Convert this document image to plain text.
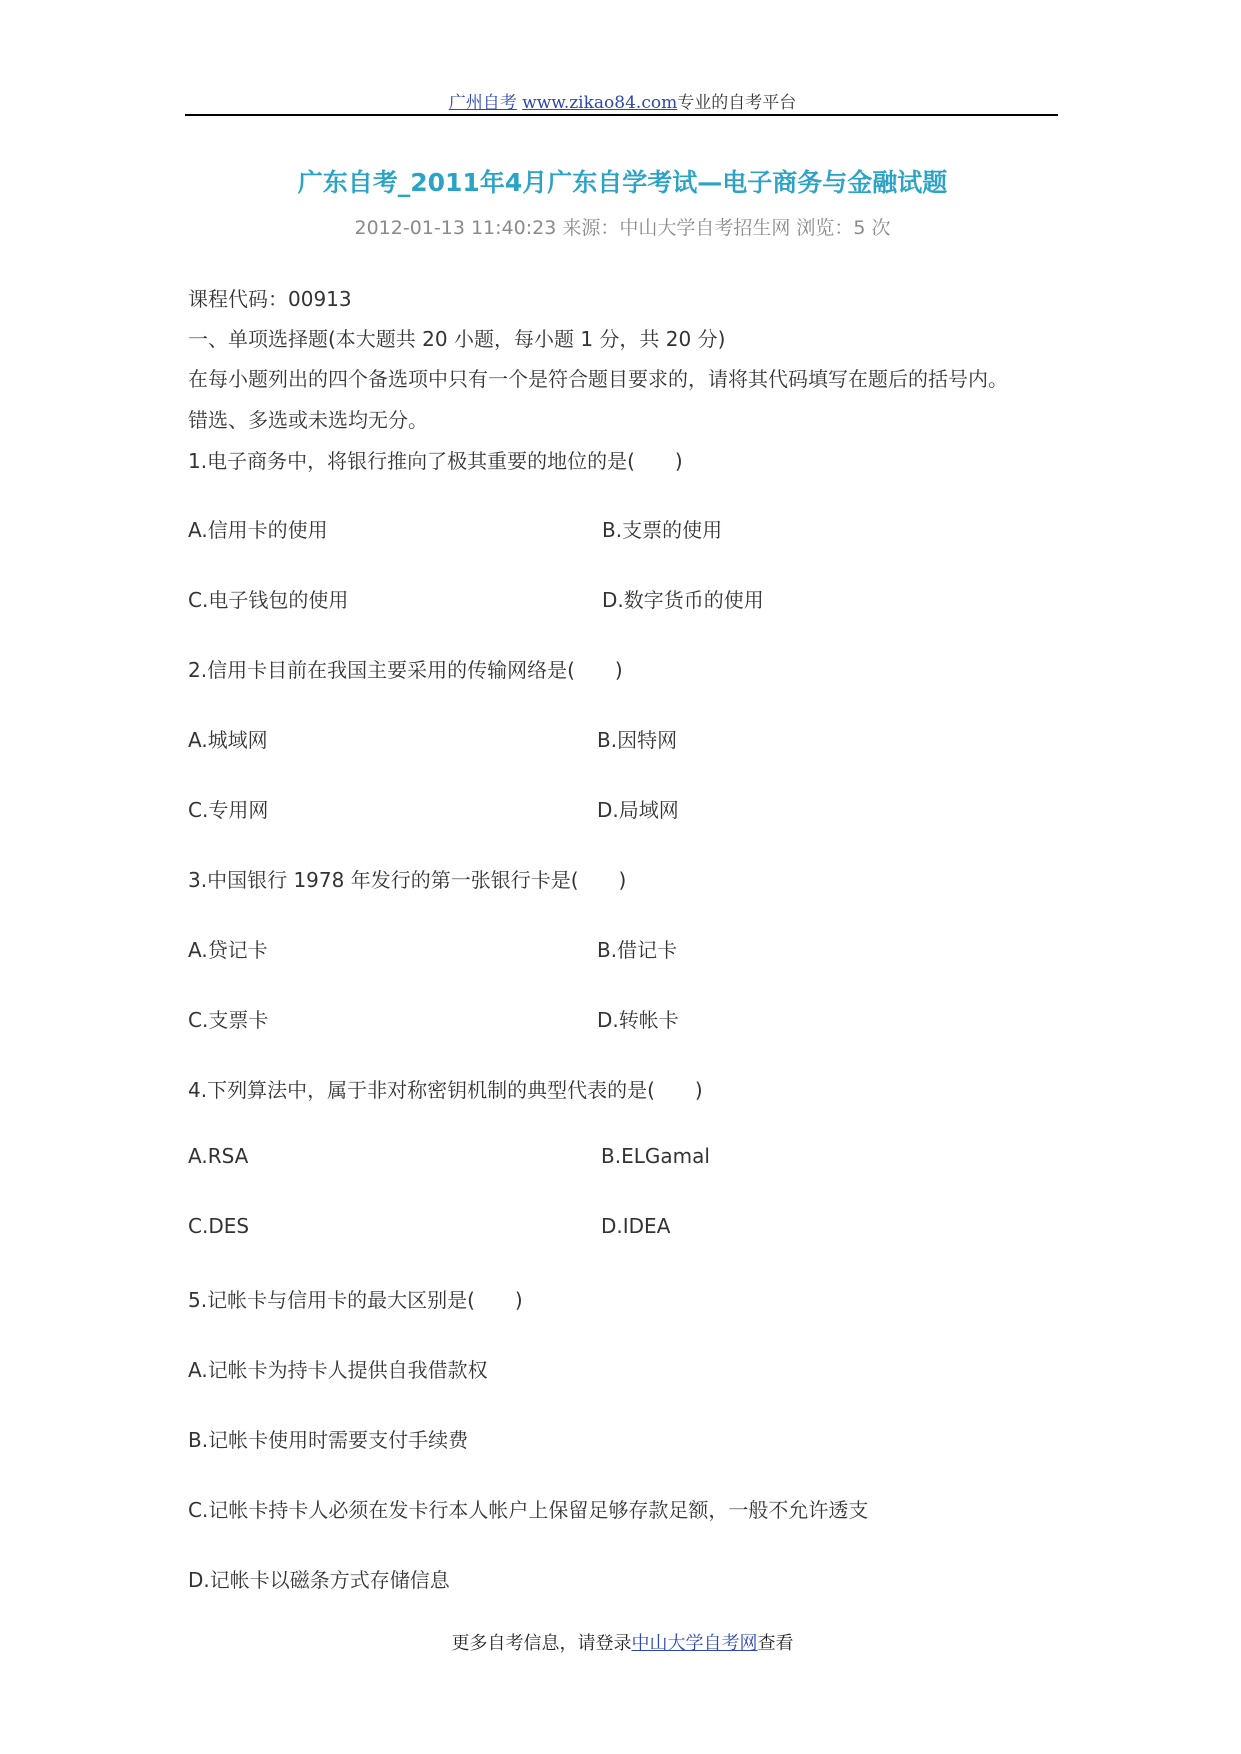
广州自考 www.zikao84.com专业的自考平台
广东自考_2011年4月广东自学考试—电子商务与金融试题
2012-01-13 11:40:23 来源：中山大学自考招生网 浏览：5 次
课程代码：00913
一、单项选择题(本大题共 20 小题，每小题 1 分，共 20 分)
在每小题列出的四个备选项中只有一个是符合题目要求的，请将其代码填写在题后的括号内。
错选、多选或未选均无分。
1.电子商务中，将银行推向了极其重要的地位的是(　　)
A.信用卡的使用	B.支票的使用
C.电子钱包的使用	D.数字货币的使用
2.信用卡目前在我国主要采用的传输网络是(　　)
A.城域网	B.因特网
C.专用网	D.局域网
3.中国银行 1978 年发行的第一张银行卡是(　　)
A.贷记卡	B.借记卡
C.支票卡	D.转帐卡
4.下列算法中，属于非对称密钥机制的典型代表的是(　　)
A.RSA	B.ELGamal
C.DES	D.IDEA
5.记帐卡与信用卡的最大区别是(　　)
A.记帐卡为持卡人提供自我借款权
B.记帐卡使用时需要支付手续费
C.记帐卡持卡人必须在发卡行本人帐户上保留足够存款足额，一般不允许透支
D.记帐卡以磁条方式存储信息
更多自考信息，请登录中山大学自考网查看
